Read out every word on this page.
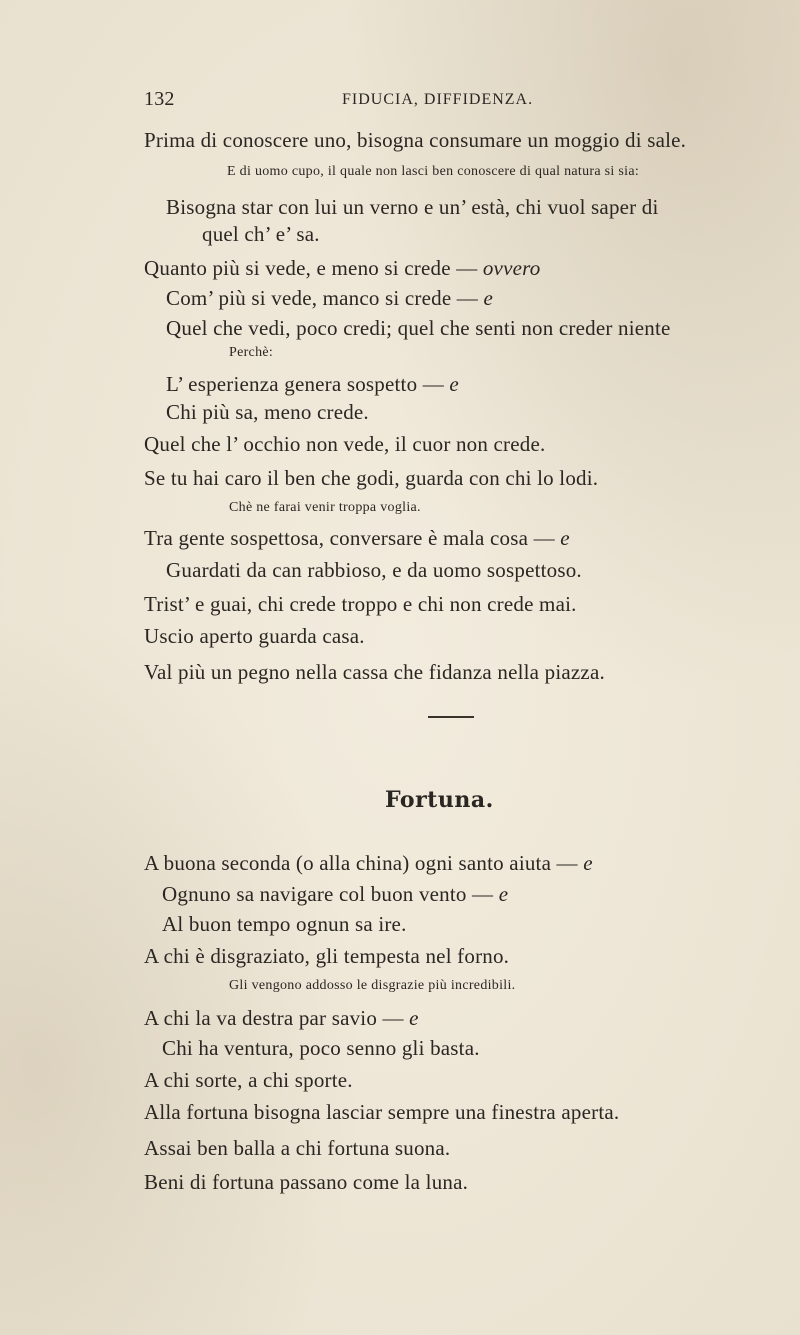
132	FIDUCIA, DIFFIDENZA.
Prima di conoscere uno, bisogna consumare un moggio di sale.
E di uomo cupo, il quale non lasci ben conoscere di qual natura si sia:
Bisogna star con lui un verno e un’ està, chi vuol saper di
quel ch’ e’ sa.
Quanto più si vede, e meno si crede — ovvero
Com’ più si vede, manco si crede — e
Quel che vedi, poco credi; quel che senti non creder niente
Perchè:
L’ esperienza genera sospetto — e
Chi più sa, meno crede.
Quel che l’ occhio non vede, il cuor non crede.
Se tu hai caro il ben che godi, guarda con chi lo lodi.
Chè ne farai venir troppa voglia.
Tra gente sospettosa, conversare è mala cosa — e
Guardati da can rabbioso, e da uomo sospettoso.
Trist’ e guai, chi crede troppo e chi non crede mai.
Uscio aperto guarda casa.
Val più un pegno nella cassa che fidanza nella piazza.
Fortuna.
A buona seconda (o alla china) ogni santo aiuta — e
Ognuno sa navigare col buon vento — e
Al buon tempo ognun sa ire.
A chi è disgraziato, gli tempesta nel forno.
Gli vengono addosso le disgrazie più incredibili.
A chi la va destra par savio — e
Chi ha ventura, poco senno gli basta.
A chi sorte, a chi sporte.
Alla fortuna bisogna lasciar sempre una finestra aperta.
Assai ben balla a chi fortuna suona.
Beni di fortuna passano come la luna.
